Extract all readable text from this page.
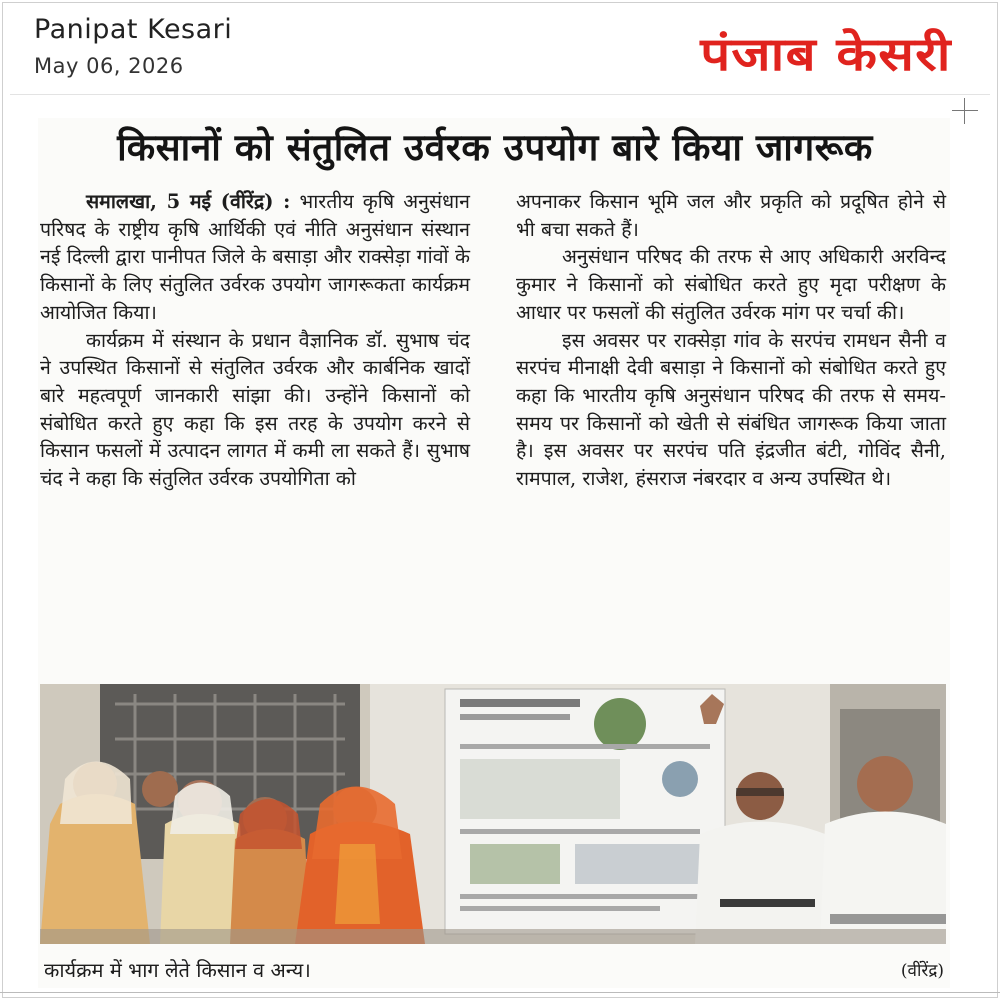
Panipat Kesari
May 06, 2026	पंजाब केसरी
किसानों को संतुलित उर्वरक उपयोग बारे किया जागरूक

समालखा, 5 मई (वींरेंद्र) : भारतीय कृषि अनुसंधान परिषद के राष्ट्रीय कृषि आर्थिकी एवं नीति अनुसंधान संस्थान नई दिल्ली द्वारा पानीपत जिले के बसाड़ा और राक्सेड़ा गांवों के किसानों के लिए संतुलित उर्वरक उपयोग जागरूकता कार्यक्रम आयोजित किया।

कार्यक्रम में संस्थान के प्रधान वैज्ञानिक डॉ. सुभाष चंद ने उपस्थित किसानों से संतुलित उर्वरक और कार्बनिक खादों बारे महत्वपूर्ण जानकारी सांझा की। उन्होंने किसानों को संबोधित करते हुए कहा कि इस तरह के उपयोग करने से किसान फसलों में उत्पादन लागत में कमी ला सकते हैं। सुभाष चंद ने कहा कि संतुलित उर्वरक उपयोगिता को

अपनाकर किसान भूमि जल और प्रकृति को प्रदूषित होने से भी बचा सकते हैं।

अनुसंधान परिषद की तरफ से आए अधिकारी अरविन्द कुमार ने किसानों को संबोधित करते हुए मृदा परीक्षण के आधार पर फसलों की संतुलित उर्वरक मांग पर चर्चा की।

इस अवसर पर राक्सेड़ा गांव के सरपंच रामधन सैनी व सरपंच मीनाक्षी देवी बसाड़ा ने किसानों को संबोधित करते हुए कहा कि भारतीय कृषि अनुसंधान परिषद की तरफ से समय-समय पर किसानों को खेती से संबंधित जागरूक किया जाता है। इस अवसर पर सरपंच पति इंद्रजीत बंटी, गोविंद सैनी, रामपाल, राजेश, हंसराज नंबरदार व अन्य उपस्थित थे।

कार्यक्रम में भाग लेते किसान व अन्य।	(वींरेंद्र)
